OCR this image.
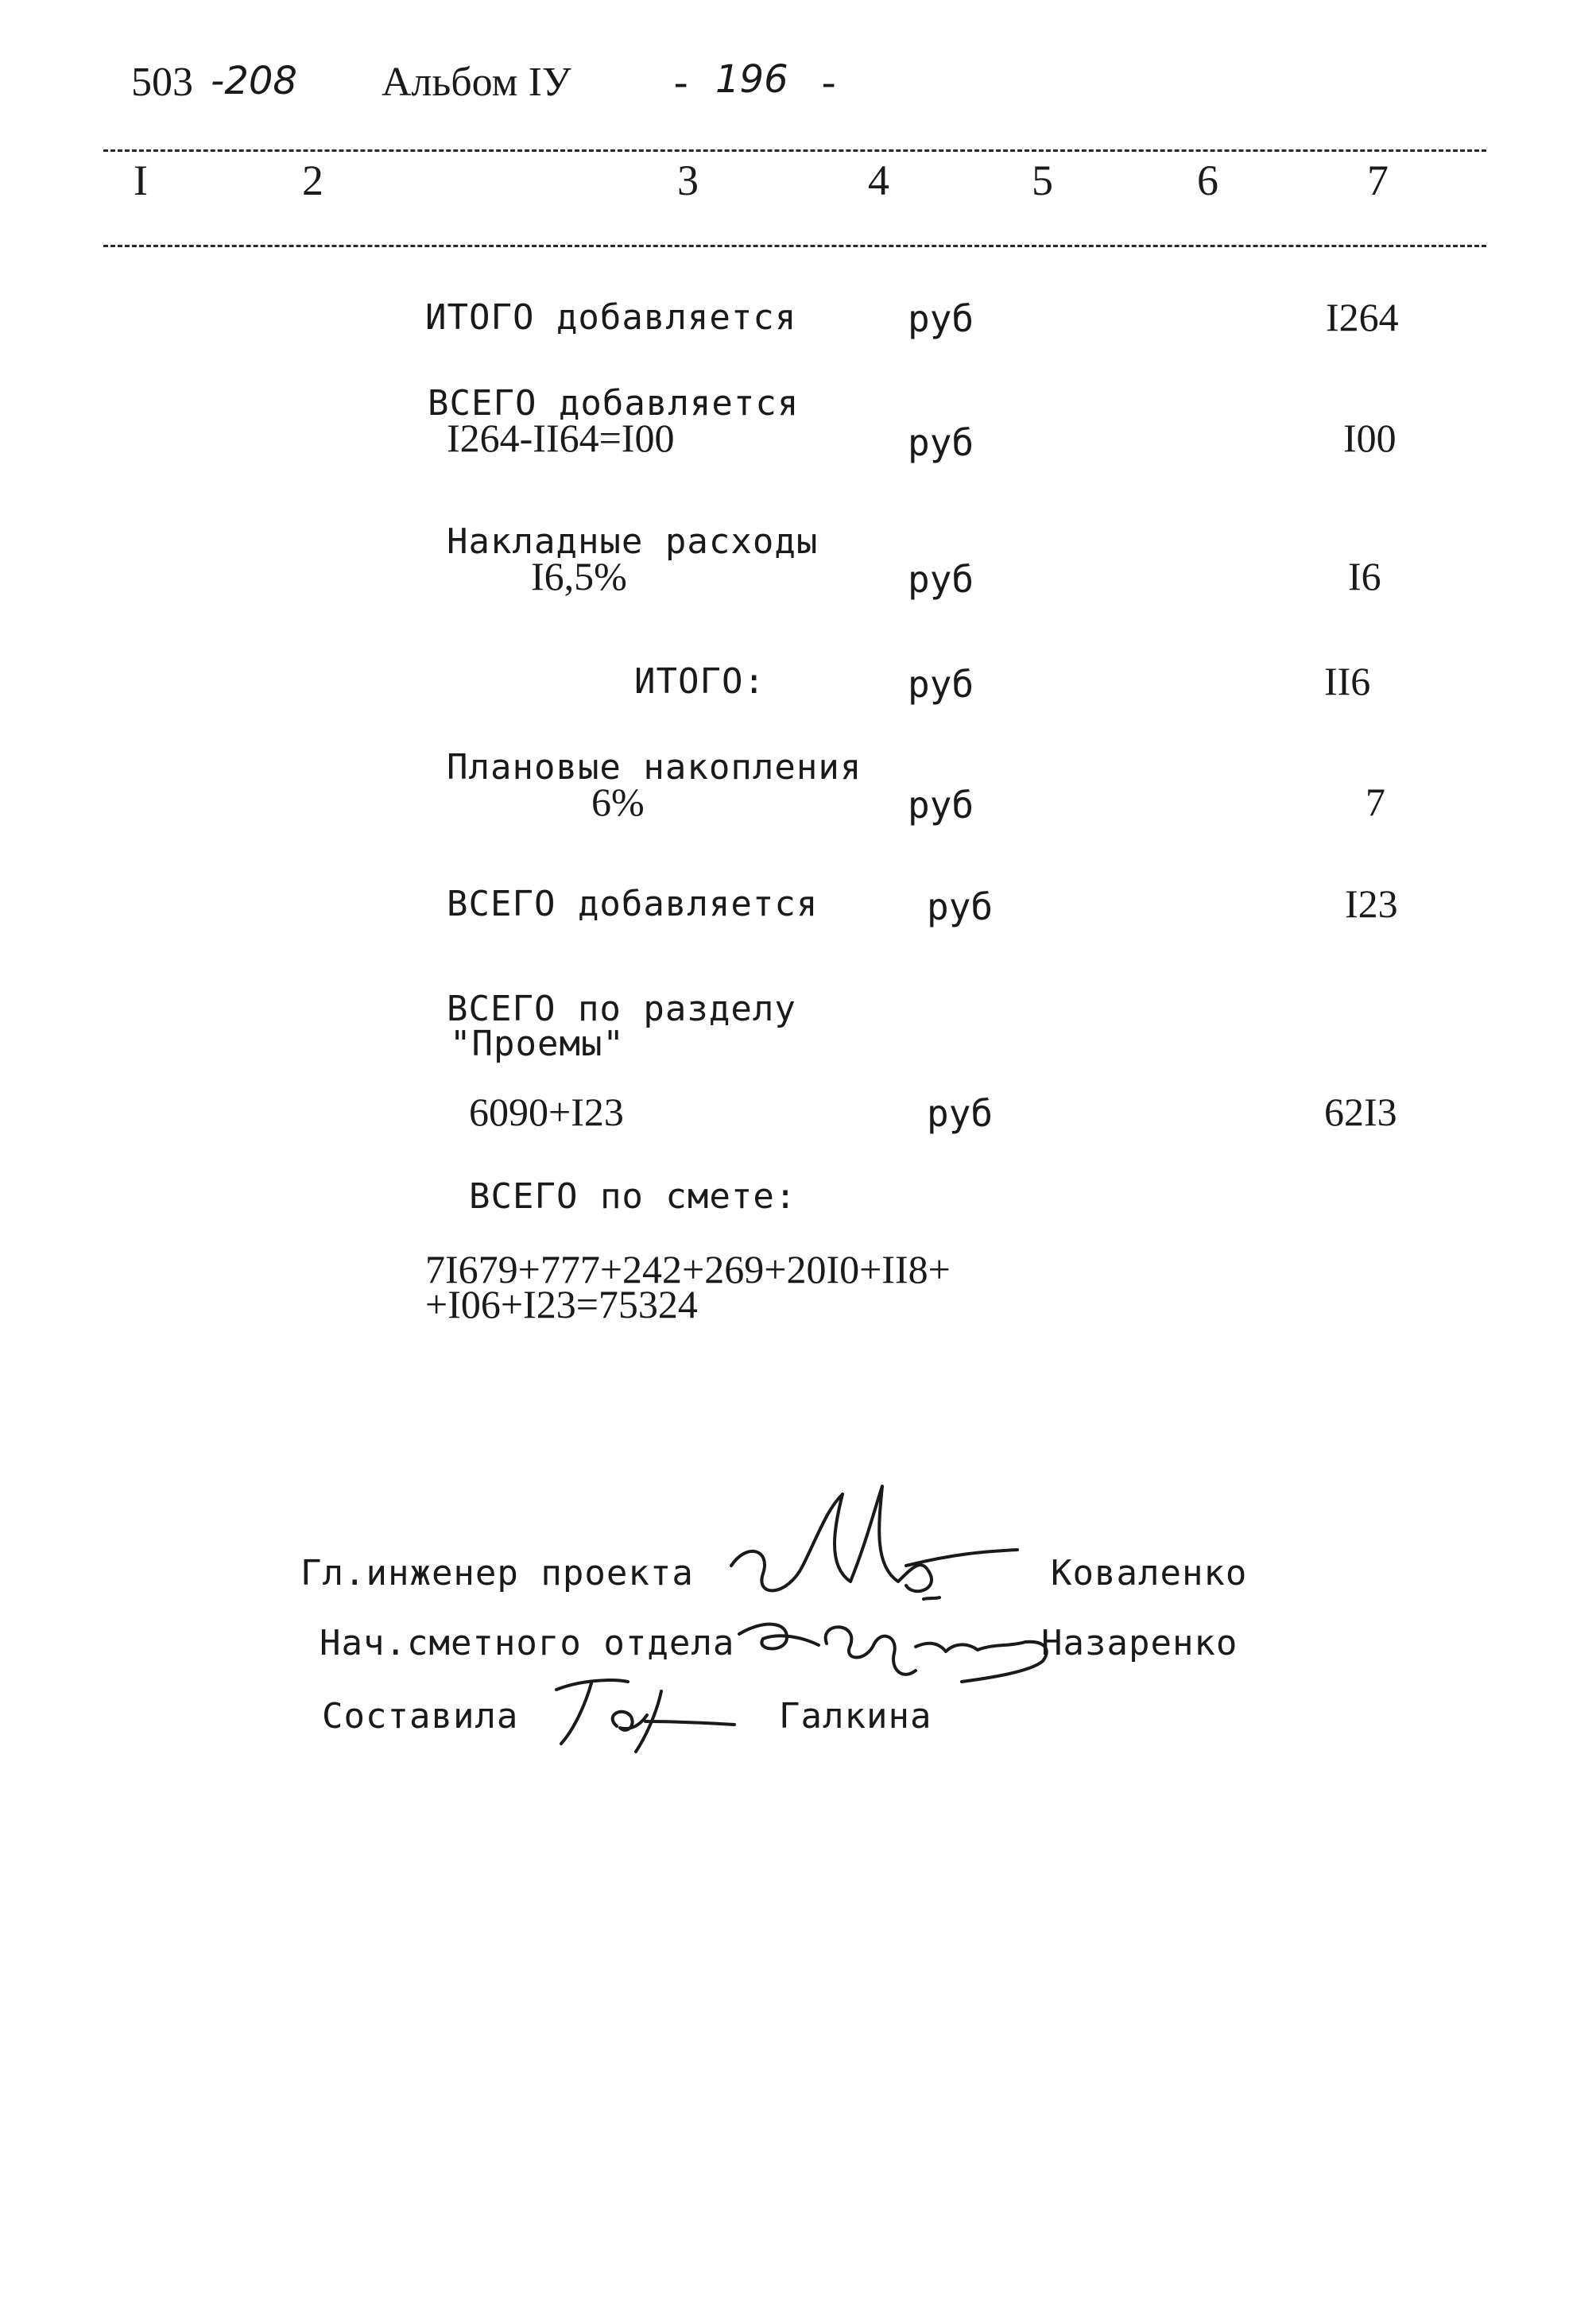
503 -208 Альбом IУ - 196 -
I	2	3	4	5	6	7
ИТОГО добавляется	руб	I264
ВСЕГО добавляется
I264-II64=I00	руб	I00
Накладные расходы
I6,5%	руб	I6
ИТОГО:	руб	II6
Плановые накопления
6%	руб	7
ВСЕГО добавляется	руб	I23
ВСЕГО по разделу
"Проемы"
6090+I23	руб	62I3
ВСЕГО по смете:
7I679+777+242+269+20I0+II8+
+I06+I23=75324
Гл.инженер проекта	Коваленко
Нач.сметного отдела	Назаренко
Составила	Галкина
